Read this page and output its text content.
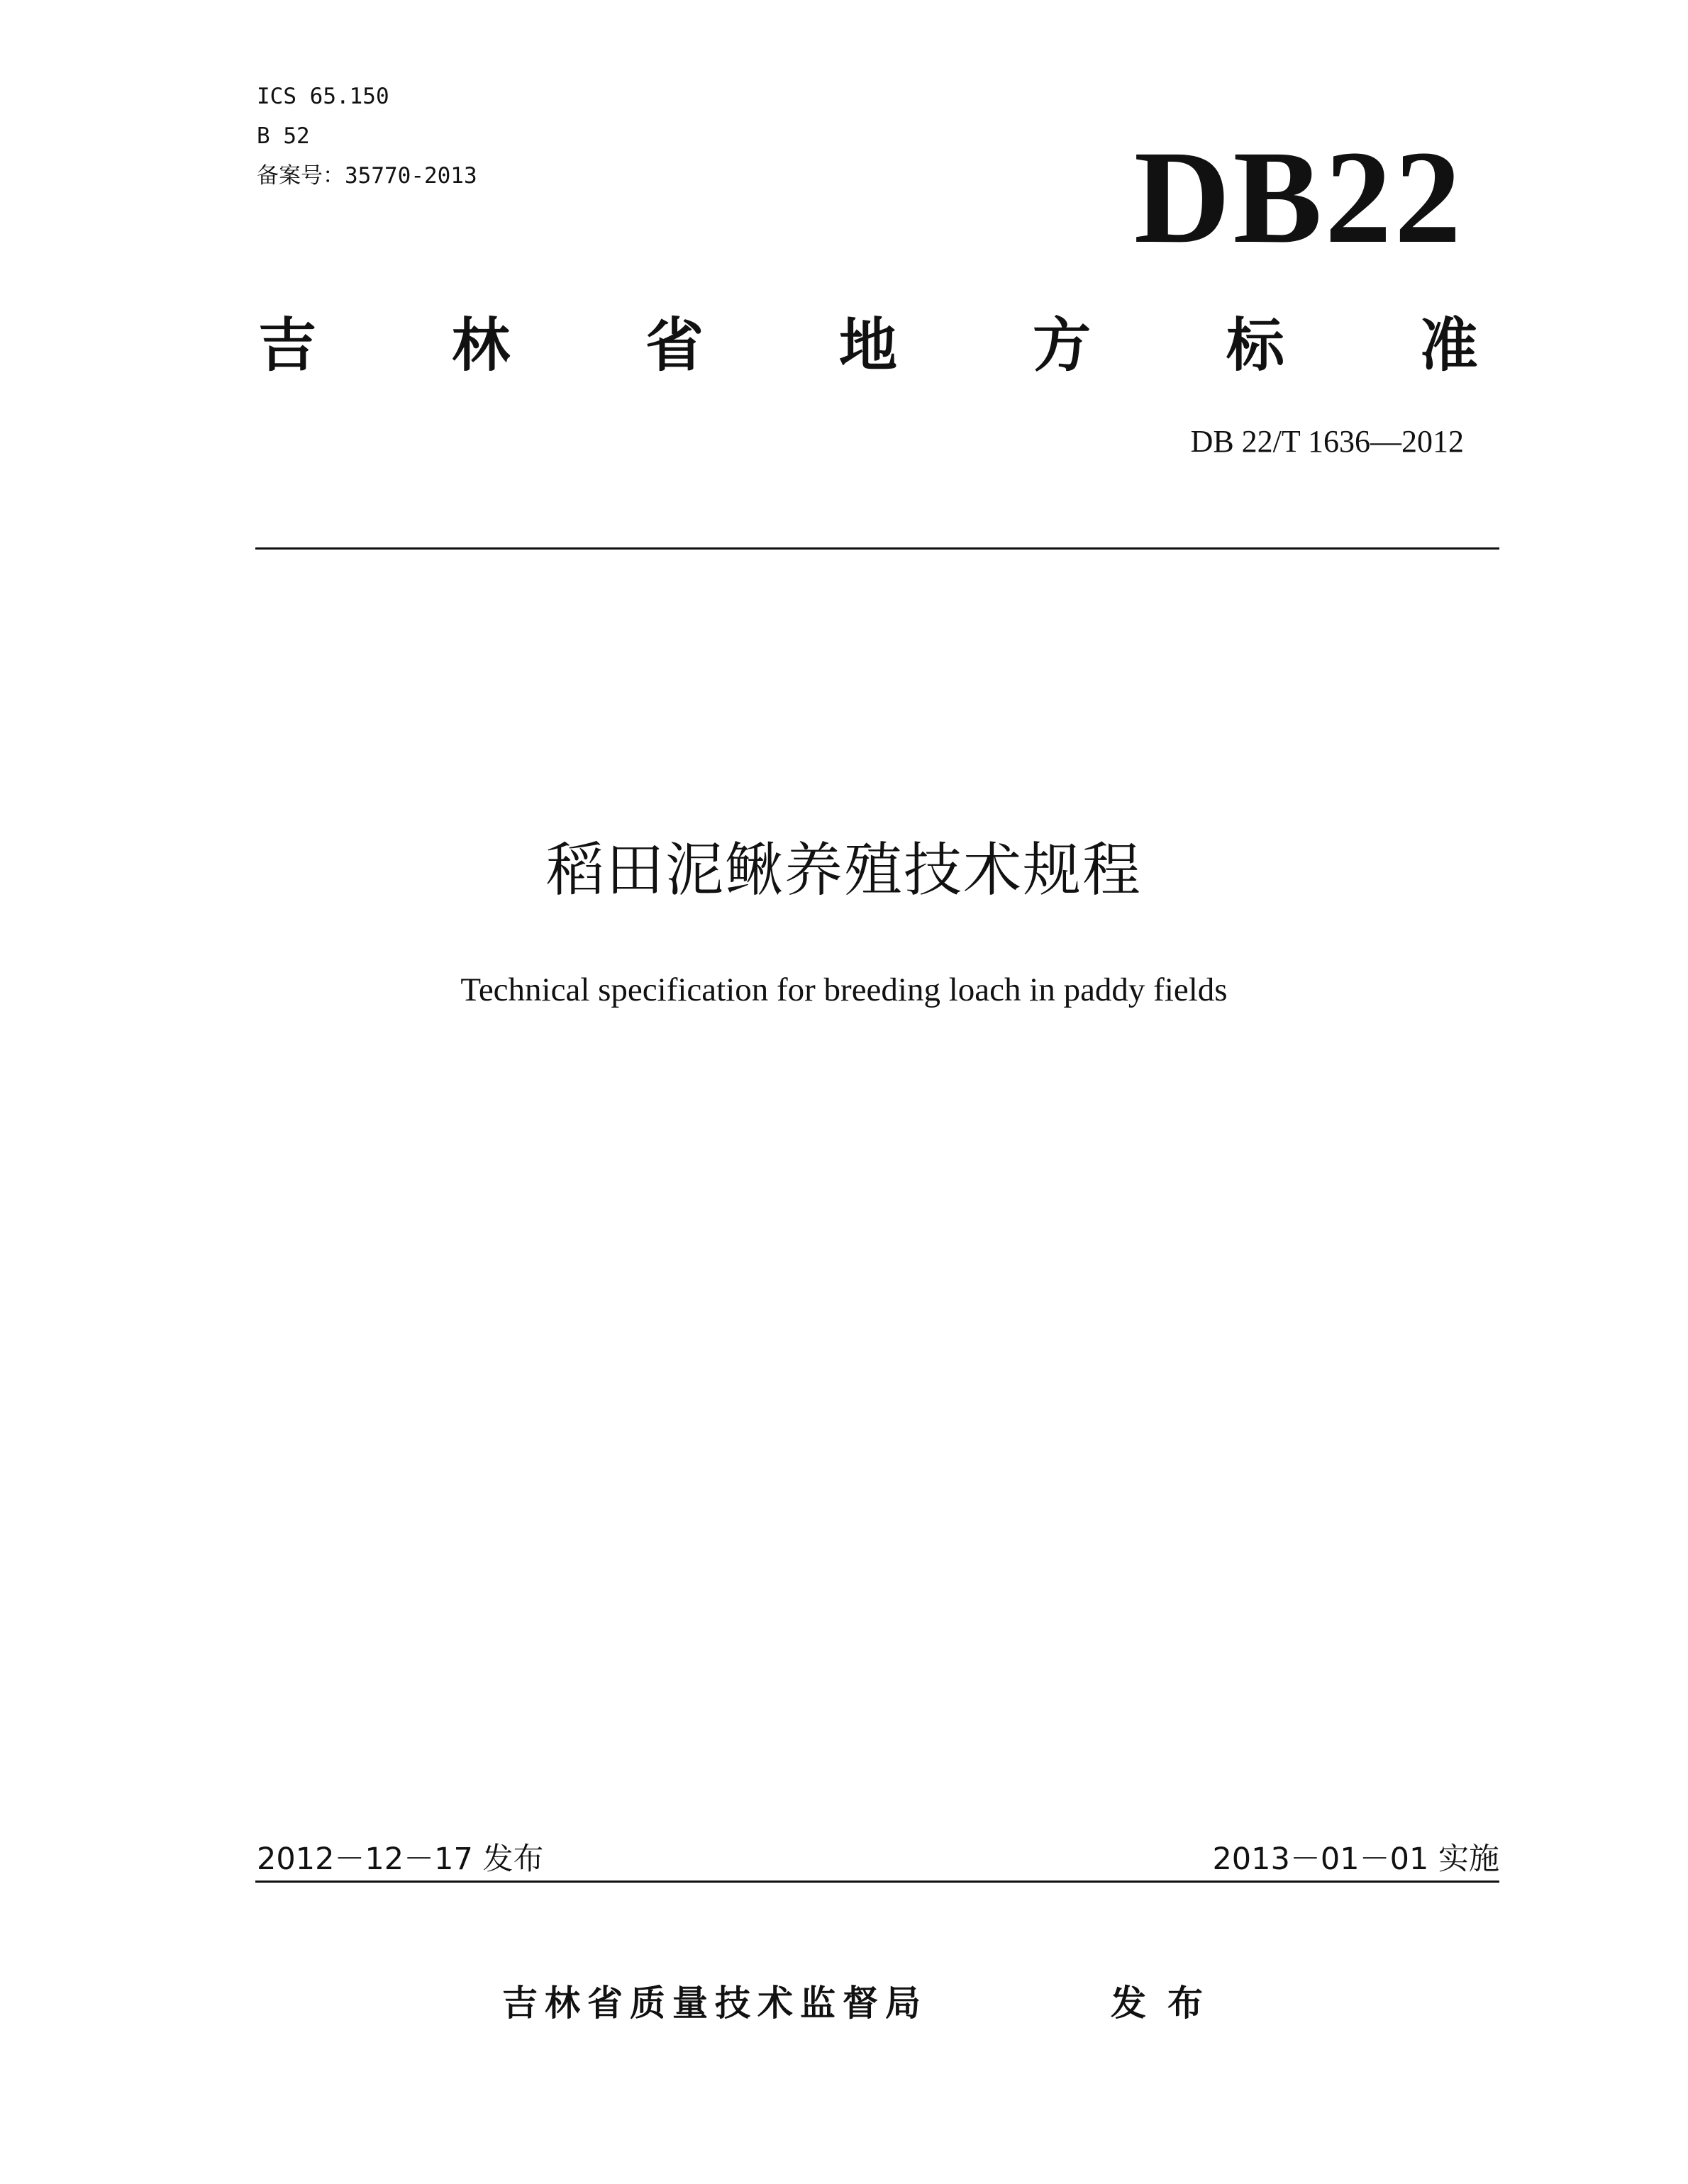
ICS 65.150
B 52
备案号：35770-2013	DB22
吉 林 省 地 方 标 准
DB 22/T 1636—2012
稻田泥鳅养殖技术规程
Technical specification for breeding loach in paddy fields
2012－12－17 发布	2013－01－01 实施
吉林省质量技术监督局	发布
